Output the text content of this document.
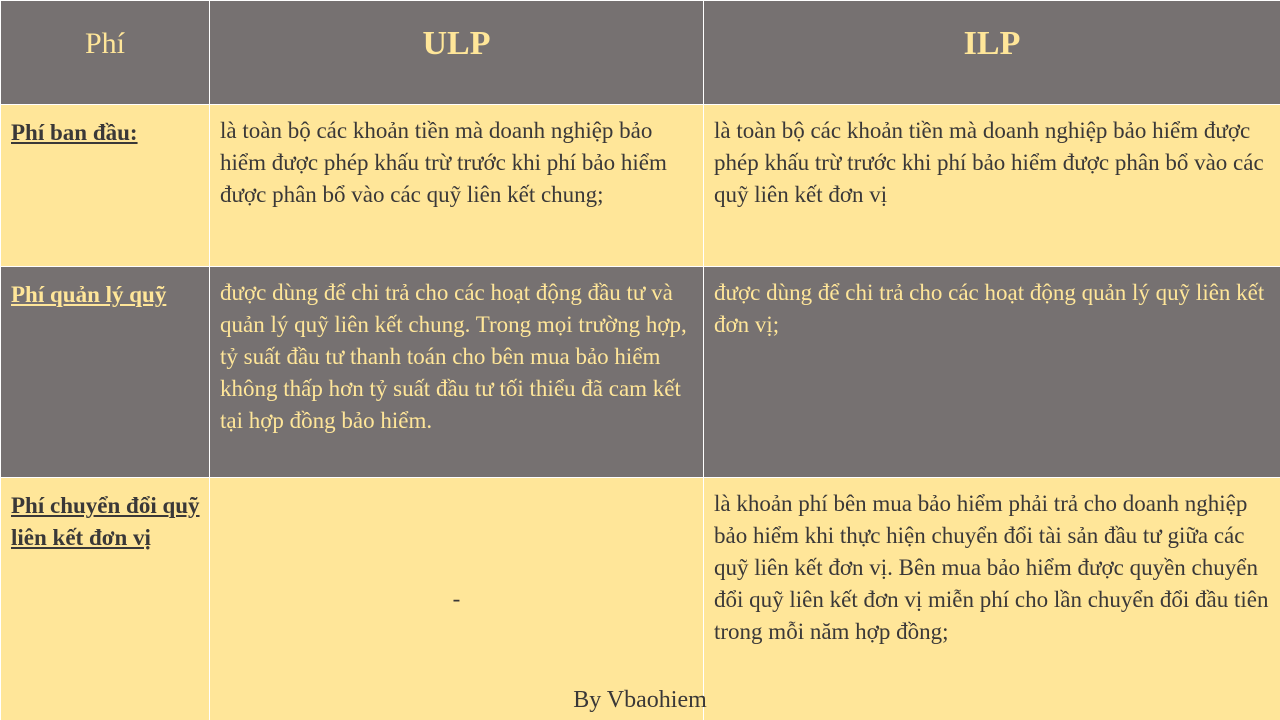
Phí	ULP	ILP

Phí ban đầu:	là toàn bộ các khoản tiền mà doanh nghiệp bảo hiểm được phép khấu trừ trước khi phí bảo hiểm được phân bổ vào các quỹ liên kết chung;	là toàn bộ các khoản tiền mà doanh nghiệp bảo hiểm được phép khấu trừ trước khi phí bảo hiểm được phân bổ vào các quỹ liên kết đơn vị

Phí quản lý quỹ	được dùng để chi trả cho các hoạt động đầu tư và quản lý quỹ liên kết chung. Trong mọi trường hợp, tỷ suất đầu tư thanh toán cho bên mua bảo hiểm không thấp hơn tỷ suất đầu tư tối thiểu đã cam kết tại hợp đồng bảo hiểm.	được dùng để chi trả cho các hoạt động quản lý quỹ liên kết đơn vị;

Phí chuyển đổi quỹ liên kết đơn vị	-	là khoản phí bên mua bảo hiểm phải trả cho doanh nghiệp bảo hiểm khi thực hiện chuyển đổi tài sản đầu tư giữa các quỹ liên kết đơn vị. Bên mua bảo hiểm được quyền chuyển đổi quỹ liên kết đơn vị miễn phí cho lần chuyển đổi đầu tiên trong mỗi năm hợp đồng;
By Vbaohiem
